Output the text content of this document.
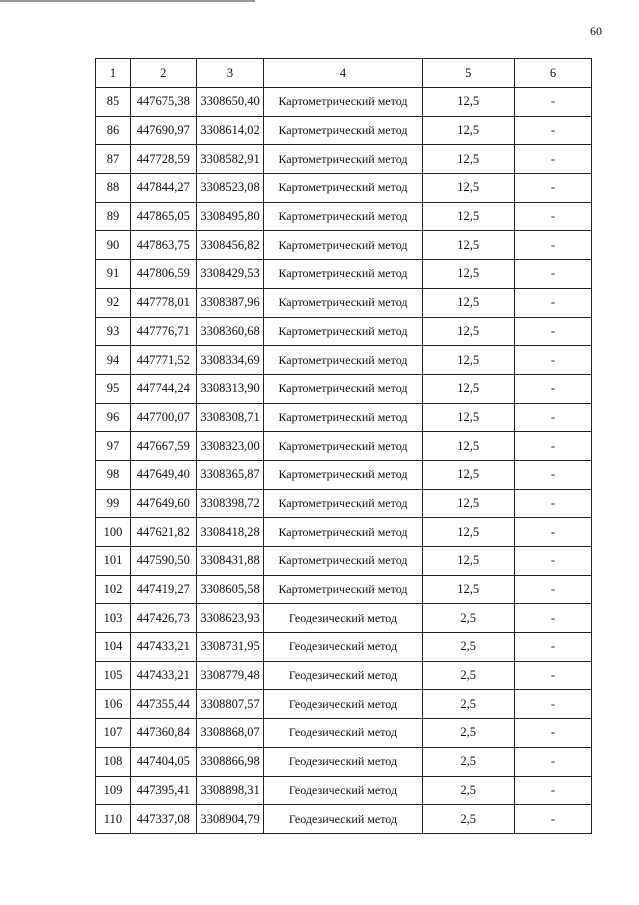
60
1	2	3	4	5	6
85	447675,38	3308650,40	Картометрический метод	12,5	-
86	447690,97	3308614,02	Картометрический метод	12,5	-
87	447728,59	3308582,91	Картометрический метод	12,5	-
88	447844,27	3308523,08	Картометрический метод	12,5	-
89	447865,05	3308495,80	Картометрический метод	12,5	-
90	447863,75	3308456,82	Картометрический метод	12,5	-
91	447806,59	3308429,53	Картометрический метод	12,5	-
92	447778,01	3308387,96	Картометрический метод	12,5	-
93	447776,71	3308360,68	Картометрический метод	12,5	-
94	447771,52	3308334,69	Картометрический метод	12,5	-
95	447744,24	3308313,90	Картометрический метод	12,5	-
96	447700,07	3308308,71	Картометрический метод	12,5	-
97	447667,59	3308323,00	Картометрический метод	12,5	-
98	447649,40	3308365,87	Картометрический метод	12,5	-
99	447649,60	3308398,72	Картометрический метод	12,5	-
100	447621,82	3308418,28	Картометрический метод	12,5	-
101	447590,50	3308431,88	Картометрический метод	12,5	-
102	447419,27	3308605,58	Картометрический метод	12,5	-
103	447426,73	3308623,93	Геодезический метод	2,5	-
104	447433,21	3308731,95	Геодезический метод	2,5	-
105	447433,21	3308779,48	Геодезический метод	2,5	-
106	447355,44	3308807,57	Геодезический метод	2,5	-
107	447360,84	3308868,07	Геодезический метод	2,5	-
108	447404,05	3308866,98	Геодезический метод	2,5	-
109	447395,41	3308898,31	Геодезический метод	2,5	-
110	447337,08	3308904,79	Геодезический метод	2,5	-
